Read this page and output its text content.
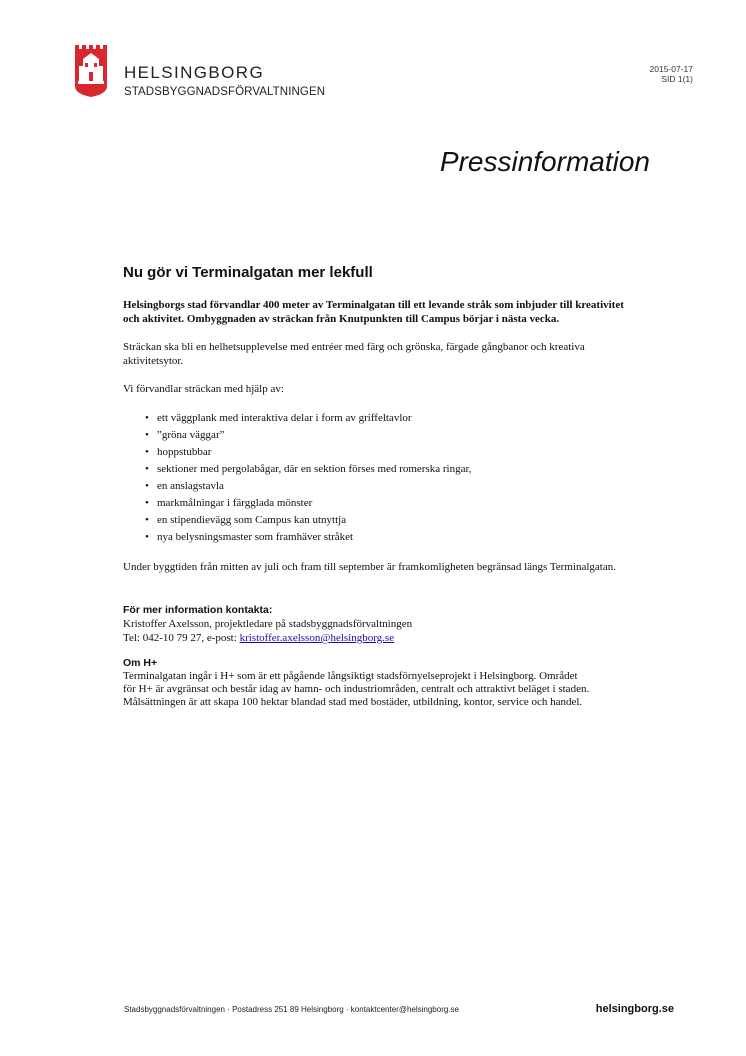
HELSINGBORG
STADSBYGGNADSFÖRVALTNINGEN
2015-07-17
SID 1(1)
Pressinformation
Nu gör vi Terminalgatan mer lekfull

Helsingborgs stad förvandlar 400 meter av Terminalgatan till ett levande stråk som inbjuder till kreativitet och aktivitet. Ombyggnaden av sträckan från Knutpunkten till Campus börjar i nästa vecka.

Sträckan ska bli en helhetsupplevelse med entréer med färg och grönska, färgade gångbanor och kreativa aktivitetsytor.

Vi förvandlar sträckan med hjälp av:

• ett väggplank med interaktiva delar i form av griffeltavlor
• ”gröna väggar”
• hoppstubbar
• sektioner med pergolabågar, där en sektion förses med romerska ringar,
• en anslagstavla
• markmålningar i färgglada mönster
• en stipendievägg som Campus kan utnyttja
• nya belysningsmaster som framhäver stråket

Under byggtiden från mitten av juli och fram till september är framkomligheten begränsad längs Terminalgatan.

För mer information kontakta:
Kristoffer Axelsson, projektledare på stadsbyggnadsförvaltningen
Tel: 042-10 79 27, e-post: kristoffer.axelsson@helsingborg.se
Om H+
Terminalgatan ingår i H+ som är ett pågående långsiktigt stadsförnyelseprojekt i Helsingborg. Området för H+ är avgränsat och består idag av hamn- och industriområden, centralt och attraktivt beläget i staden. Målsättningen är att skapa 100 hektar blandad stad med bostäder, utbildning, kontor, service och handel.
Stadsbyggnadsförvaltningen · Postadress 251 89 Helsingborg · kontaktcenter@helsingborg.se	helsingborg.se
